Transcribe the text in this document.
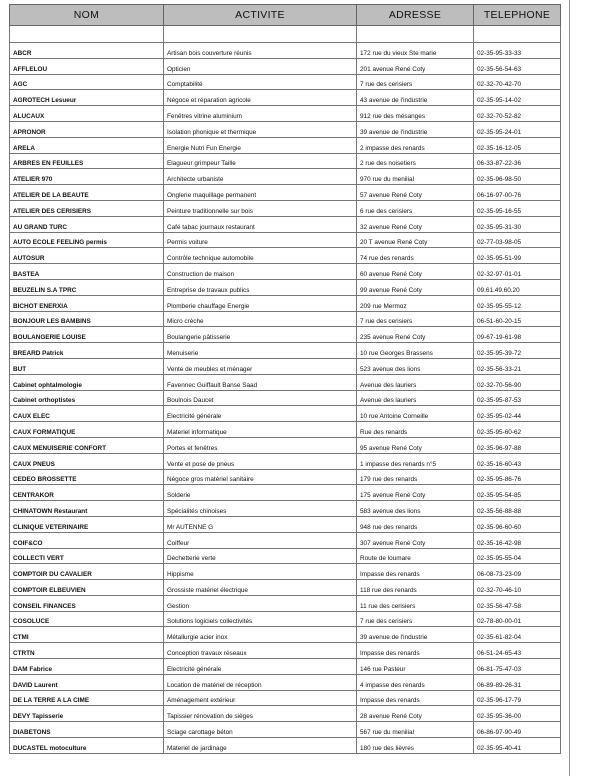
NOM	ACTIVITE	ADRESSE	TELEPHONE

ABCR	Artisan bois couverture réunis	172 rue du vieux Ste marie	02-35-95-33-33
AFFLELOU	Opticien	201 avenue René Coty	02-35-56-54-63
AGC	Comptabilité	7 rue des cerisiers	02-32-70-42-70
AGROTECH Lesueur	Négoce et réparation agricole	43 avenue de l'industrie	02-35-95-14-02
ALUCAUX	Fenêtres vitrine aluminium	912 rue des mésanges	02-32-70-52-82
APRONOR	Isolation phonique et thermique	39 avenue de l'industrie	02-35-95-24-01
ARELA	Energie Nutri Fun Energie	2 impasse des renards	02-35-16-12-05
ARBRES EN FEUILLES	Elagueur grimpeur Taille	2 rue des noisetiers	06-33-87-22-36
ATELIER 970	Architecte urbaniste	970 rue du menilial	02-35-96-98-50
ATELIER DE LA BEAUTE	Onglerie maquillage permanent	57 avenue René Coty	06-16-97-00-76
ATELIER DES CERISIERS	Peinture traditionnelle sur bois	6 rue des cerisiers	02-35-95-16-55
AU GRAND TURC	Café tabac journaux restaurant	32 avenue René Coty	02-35-95-31-30
AUTO ECOLE FEELING permis	Permis voiture	20 T avenue René Coty	02-77-03-98-05
AUTOSUR	Contrôle technique automobile	74 rue des renards	02-35-95-51-99
BASTEA	Construction de maison	60 avenue René Coty	02-32-97-01-01
BEUZELIN S.A TPRC	Entreprise de travaux publics	99 avenue René Coty	09.61.49.60.20
BICHOT ENERXIA	Plomberie chauffage Energie	209 rue Mermoz	02-35-95-55-12
BONJOUR LES BAMBINS	Micro crèche	7 rue des cerisiers	06-51-60-20-15
BOULANGERIE LOUISE	Boulangerie pâtisserie	235 avenue René Coty	09-67-19-61-98
BREARD Patrick	Menuiserie	10 rue Georges Brassens	02-35-95-39-72
BUT	Vente de meubles et ménager	523 avenue des lions	02-35-56-33-21
Cabinet ophtalmologie	Favennec Guiffault Banse Saad	Avenue des lauriers	02-32-70-56-90
Cabinet orthoptistes	Boulnois Daucet	Avenue des lauriers	02-35-95-87-53
CAUX ELEC	Electricité générale	10 rue Antoine Corneille	02-35-95-02-44
CAUX FORMATIQUE	Materiel informatique	Rue des renards	02-35-95-60-62
CAUX MENUISERIE CONFORT	Portes et fenêtres	95 avenue René Coty	02-35-96-97-88
CAUX PNEUS	Vente et pose de pneus	1 impasse des renards n°5	02-35-16-60-43
CEDEO BROSSETTE	Négoce gros matériel sanitaire	179 rue des renards	02-35-95-86-76
CENTRAKOR	Solderie	175 avenue René Coty	02-35-95-54-85
CHINATOWN Restaurant	Spécialités chinoises	583 avenue des lions	02-35-56-88-88
CLINIQUE VETERINAIRE	Mr AUTENNE G	948 rue des renards	02-35-96-60-60
COIF&CO	Coiffeur	307 avenue René Coty	02-35-16-42-98
COLLECTI VERT	Déchetterie verte	Route de loumare	02-35-95-55-04
COMPTOIR DU CAVALIER	Hippisme	Impasse des renards	06-08-73-23-09
COMPTOIR ELBEUVIEN	Grossiste matériel électrique	118 rue des renards	02-32-70-46-10
CONSEIL FINANCES	Gestion	11 rue des cerisiers	02-35-56-47-58
COSOLUCE	Solutions logiciels collectivités	7 rue des cerisiers	02-78-80-00-01
CTMI	Métallurgie acier inox	39 avenue de l'industrie	02-35-61-82-04
CTRTN	Conception travaux réseaux	Impasse des renards	06-51-24-65-43
DAM Fabrice	Electricité générale	146 rue Pasteur	06-81-75-47-03
DAVID Laurent	Location de matériel de réception	4 impasse des renards	06-89-89-26-31
DE LA TERRE A LA CIME	Aménagement extérieur	Impasse des renards	02-35-96-17-79
DEVY Tapisserie	Tapissier rénovation de sièges	28 avenue René Coty	02-35-95-36-00
DIABETONS	Sciage carottage béton	567 rue du menilial	06-86-97-90-49
DUCASTEL motoculture	Materiel de jardinage	180 rue des lièvres	02-35-95-40-41
